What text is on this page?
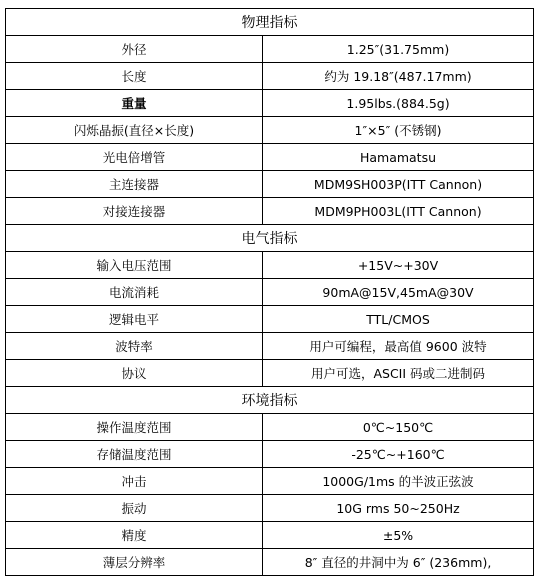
物理指标	
外径	1.25″(31.75mm)
长度	约为 19.18″(487.17mm)
重量	1.95lbs.(884.5g)
闪烁晶振(直径×长度)	1″×5″ (不锈钢)
光电倍增管	Hamamatsu
主连接器	MDM9SH003P(ITT Cannon)
对接连接器	MDM9PH003L(ITT Cannon)
电气指标	
输入电压范围	+15V~+30V
电流消耗	90mA@15V,45mA@30V
逻辑电平	TTL/CMOS
波特率	用户可编程，最高值 9600 波特
协议	用户可选，ASCII 码或二进制码
环境指标	
操作温度范围	0℃~150℃
存储温度范围	-25℃~+160℃
冲击	1000G/1ms 的半波正弦波
振动	10G rms 50~250Hz
精度	±5%
薄层分辨率	8″ 直径的井洞中为 6″ (236mm),
